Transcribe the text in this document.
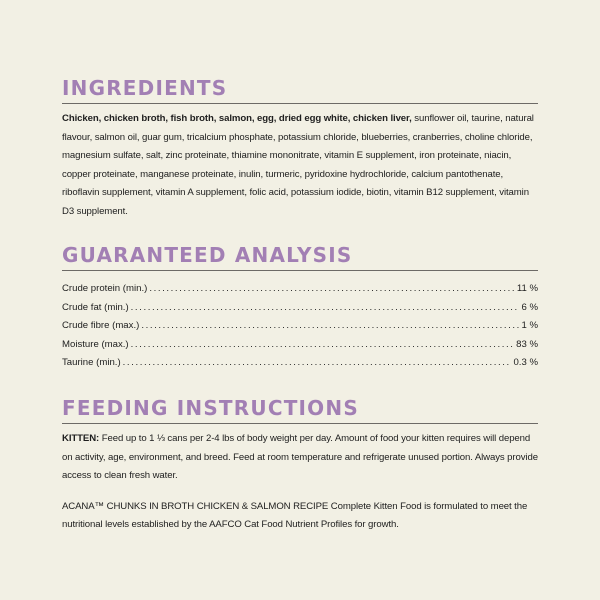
INGREDIENTS

Chicken, chicken broth, fish broth, salmon, egg, dried egg white, chicken liver, sunflower oil, taurine, natural flavour, salmon oil, guar gum, tricalcium phosphate, potassium chloride, blueberries, cranberries, choline chloride, magnesium sulfate, salt, zinc proteinate, thiamine mononitrate, vitamin E supplement, iron proteinate, niacin, copper proteinate, manganese proteinate, inulin, turmeric, pyridoxine hydrochloride, calcium pantothenate, riboflavin supplement, vitamin A supplement, folic acid, potassium iodide, biotin, vitamin B12 supplement, vitamin D3 supplement.

GUARANTEED ANALYSIS
Crude protein (min.) .....	11 %
Crude fat (min.) .....	6 %
Crude fibre (max.) .....	1 %
Moisture (max.) .....	83 %
Taurine (min.) .....	0.3 %
FEEDING INSTRUCTIONS

KITTEN: Feed up to 1 ⅓ cans per 2-4 lbs of body weight per day. Amount of food your kitten requires will depend on activity, age, environment, and breed. Feed at room temperature and refrigerate unused portion. Always provide access to clean fresh water.

ACANA™ CHUNKS IN BROTH CHICKEN & SALMON RECIPE Complete Kitten Food is formulated to meet the nutritional levels established by the AAFCO Cat Food Nutrient Profiles for growth.
